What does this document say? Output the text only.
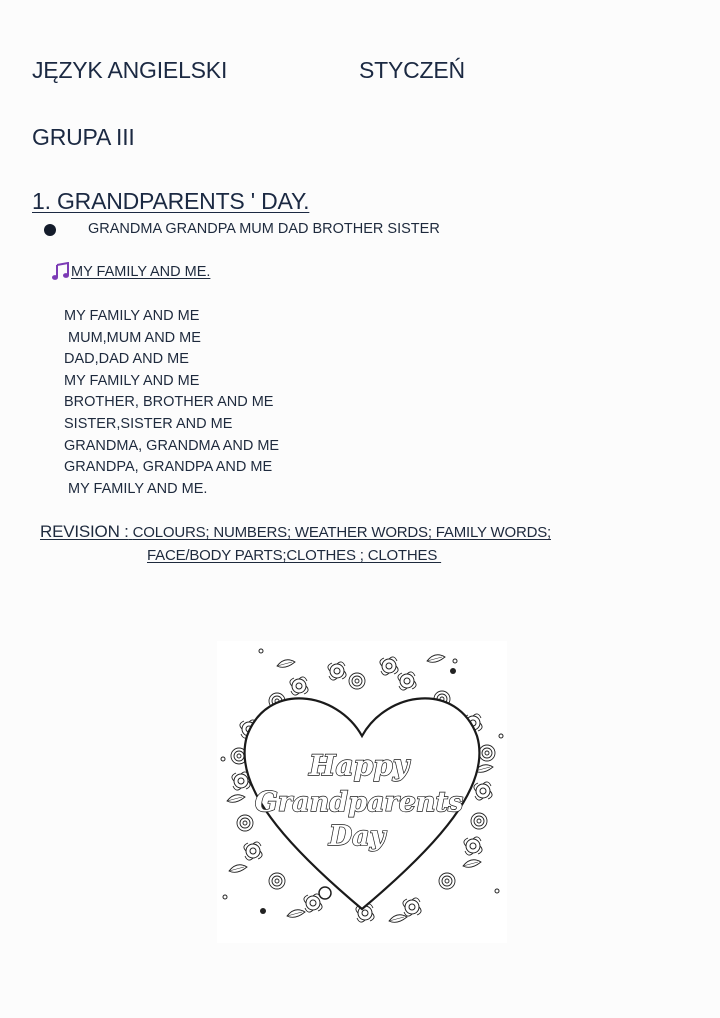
JĘZYK ANGIELSKI	STYCZEŃ
GRUPA III
1. GRANDPARENTS ' DAY.
GRANDMA GRANDPA MUM DAD BROTHER SISTER
MY FAMILY AND ME.
MY FAMILY AND ME
MUM,MUM AND ME
DAD,DAD AND ME
MY FAMILY AND ME
BROTHER, BROTHER AND ME
SISTER,SISTER AND ME
GRANDMA, GRANDMA AND ME
GRANDPA, GRANDPA AND ME
MY FAMILY AND ME.
REVISION : COLOURS; NUMBERS; WEATHER WORDS; FAMILY WORDS;
FACE/BODY PARTS;CLOTHES ; CLOTHES
Happy
Grandparents
Day
